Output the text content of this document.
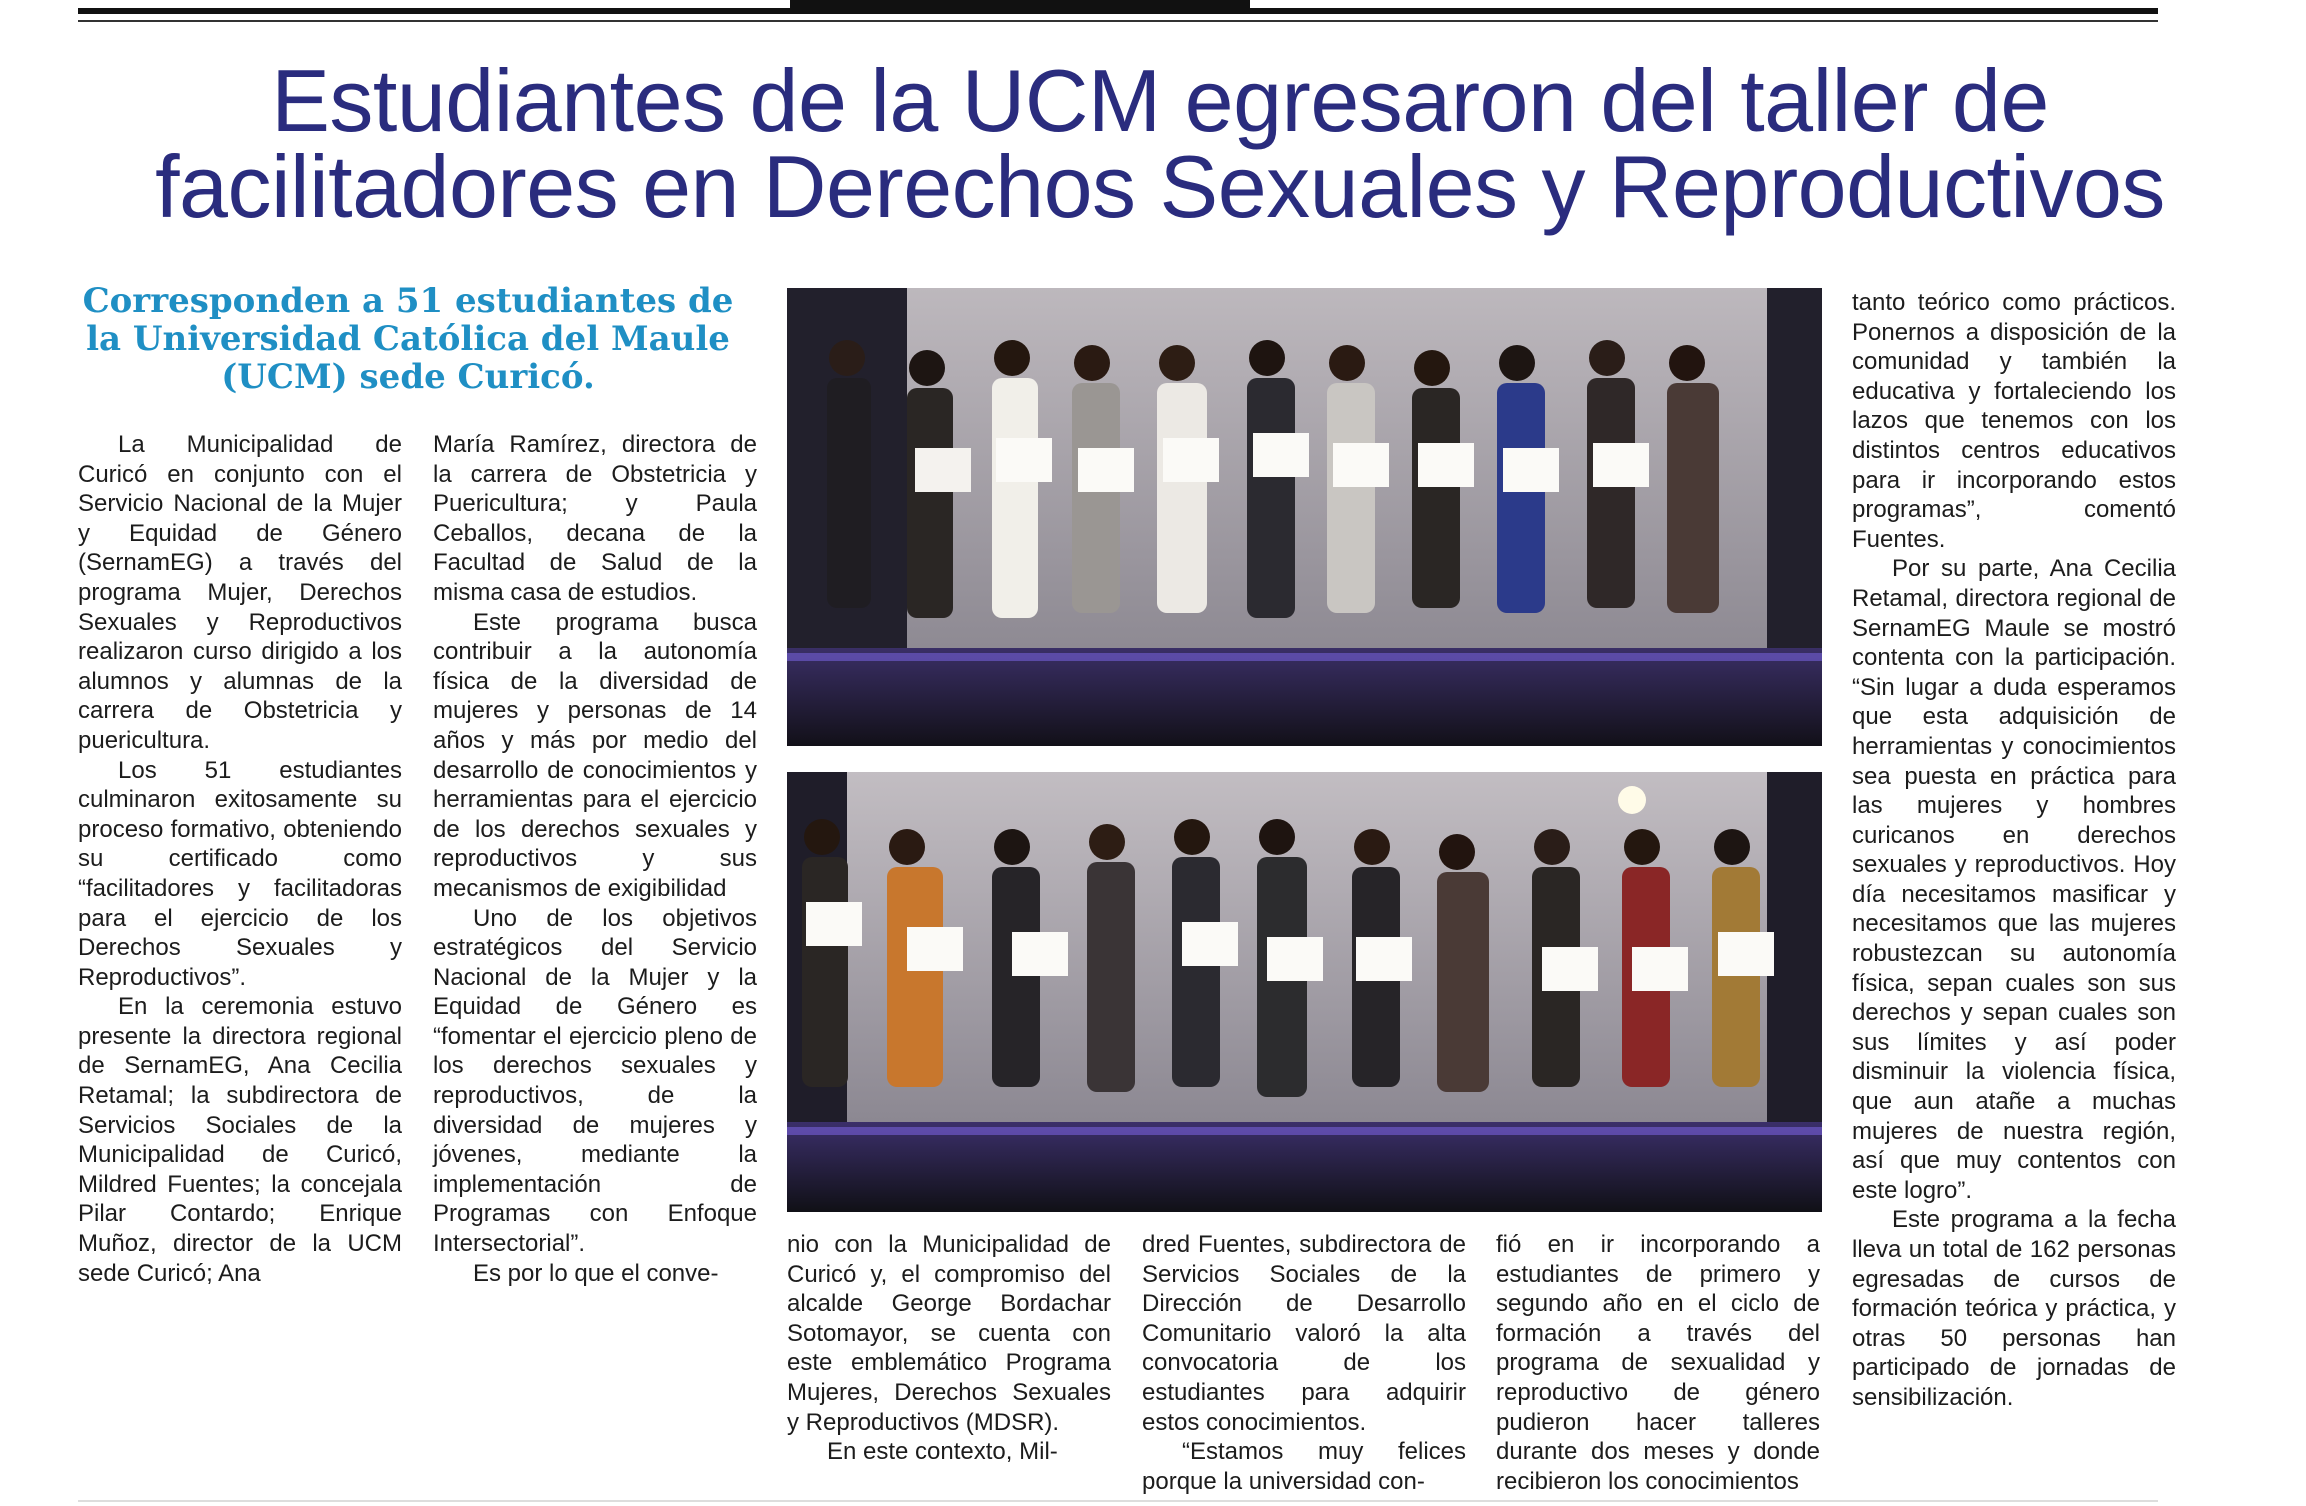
Estudiantes de la UCM egresaron del taller de facilitadores en Derechos Sexuales y Reproductivos
Corresponden a 51 estudiantes de la Universidad Católica del Maule (UCM) sede Curicó.

La Municipalidad de Curicó en conjunto con el Servicio Nacional de la Mujer y Equidad de Género (SernamEG) a través del programa Mujer, Derechos Sexuales y Reproductivos realizaron curso dirigido a los alumnos y alumnas de la carrera de Obstetricia y puericultura.

Los 51 estudiantes culminaron exitosamente su proceso formativo, obteniendo su certificado como “facilitadores y facilitadoras para el ejercicio de los Derechos Sexuales y Reproductivos”.

En la ceremonia estuvo presente la directora regional de SernamEG, Ana Cecilia Retamal; la subdirectora de Servicios Sociales de la Municipalidad de Curicó, Mildred Fuentes; la concejala Pilar Contardo; Enrique Muñoz, director de la UCM sede Curicó; Ana

María Ramírez, directora de la carrera de Obstetricia y Puericultura; y Paula Ceballos, decana de la Facultad de Salud de la misma casa de estudios.

Este programa busca contribuir a la autonomía física de la diversidad de mujeres y personas de 14 años y más por medio del desarrollo de conocimientos y herramientas para el ejercicio de los derechos sexuales y reproductivos y sus mecanismos de exigibilidad

Uno de los objetivos estratégicos del Servicio Nacional de la Mujer y la Equidad de Género es “fomentar el ejercicio pleno de los derechos sexuales y reproductivos, de la diversidad de mujeres y jóvenes, mediante la implementación de Programas con Enfoque Intersectorial”.

Es por lo que el conve-

nio con la Municipalidad de Curicó y, el compromiso del alcalde George Bordachar Sotomayor, se cuenta con este emblemático Programa Mujeres, Derechos Sexuales y Reproductivos (MDSR).

En este contexto, Mil-

dred Fuentes, subdirectora de Servicios Sociales de la Dirección de Desarrollo Comunitario valoró la alta convocatoria de los estudiantes para adquirir estos conocimientos.

“Estamos muy felices porque la universidad con-

fió en ir incorporando a estudiantes de primero y segundo año en el ciclo de formación a través del programa de sexualidad y reproductivo de género pudieron hacer talleres durante dos meses y donde recibieron los conocimientos

tanto teórico como prácticos. Ponernos a disposición de la comunidad y también la educativa y fortaleciendo los lazos que tenemos con los distintos centros educativos para ir incorporando estos programas”, comentó Fuentes.

Por su parte, Ana Cecilia Retamal, directora regional de SernamEG Maule se mostró contenta con la participación. “Sin lugar a duda esperamos que esta adquisición de herramientas y conocimientos sea puesta en práctica para las mujeres y hombres curicanos en derechos sexuales y reproductivos. Hoy día necesitamos masificar y necesitamos que las mujeres robustezcan su autonomía física, sepan cuales son sus derechos y sepan cuales son sus límites y así poder disminuir la violencia física, que aun atañe a muchas mujeres de nuestra región, así que muy contentos con este logro”.

Este programa a la fecha lleva un total de 162 personas egresadas de cursos de formación teórica y práctica, y otras 50 personas han participado de jornadas de sensibilización.
